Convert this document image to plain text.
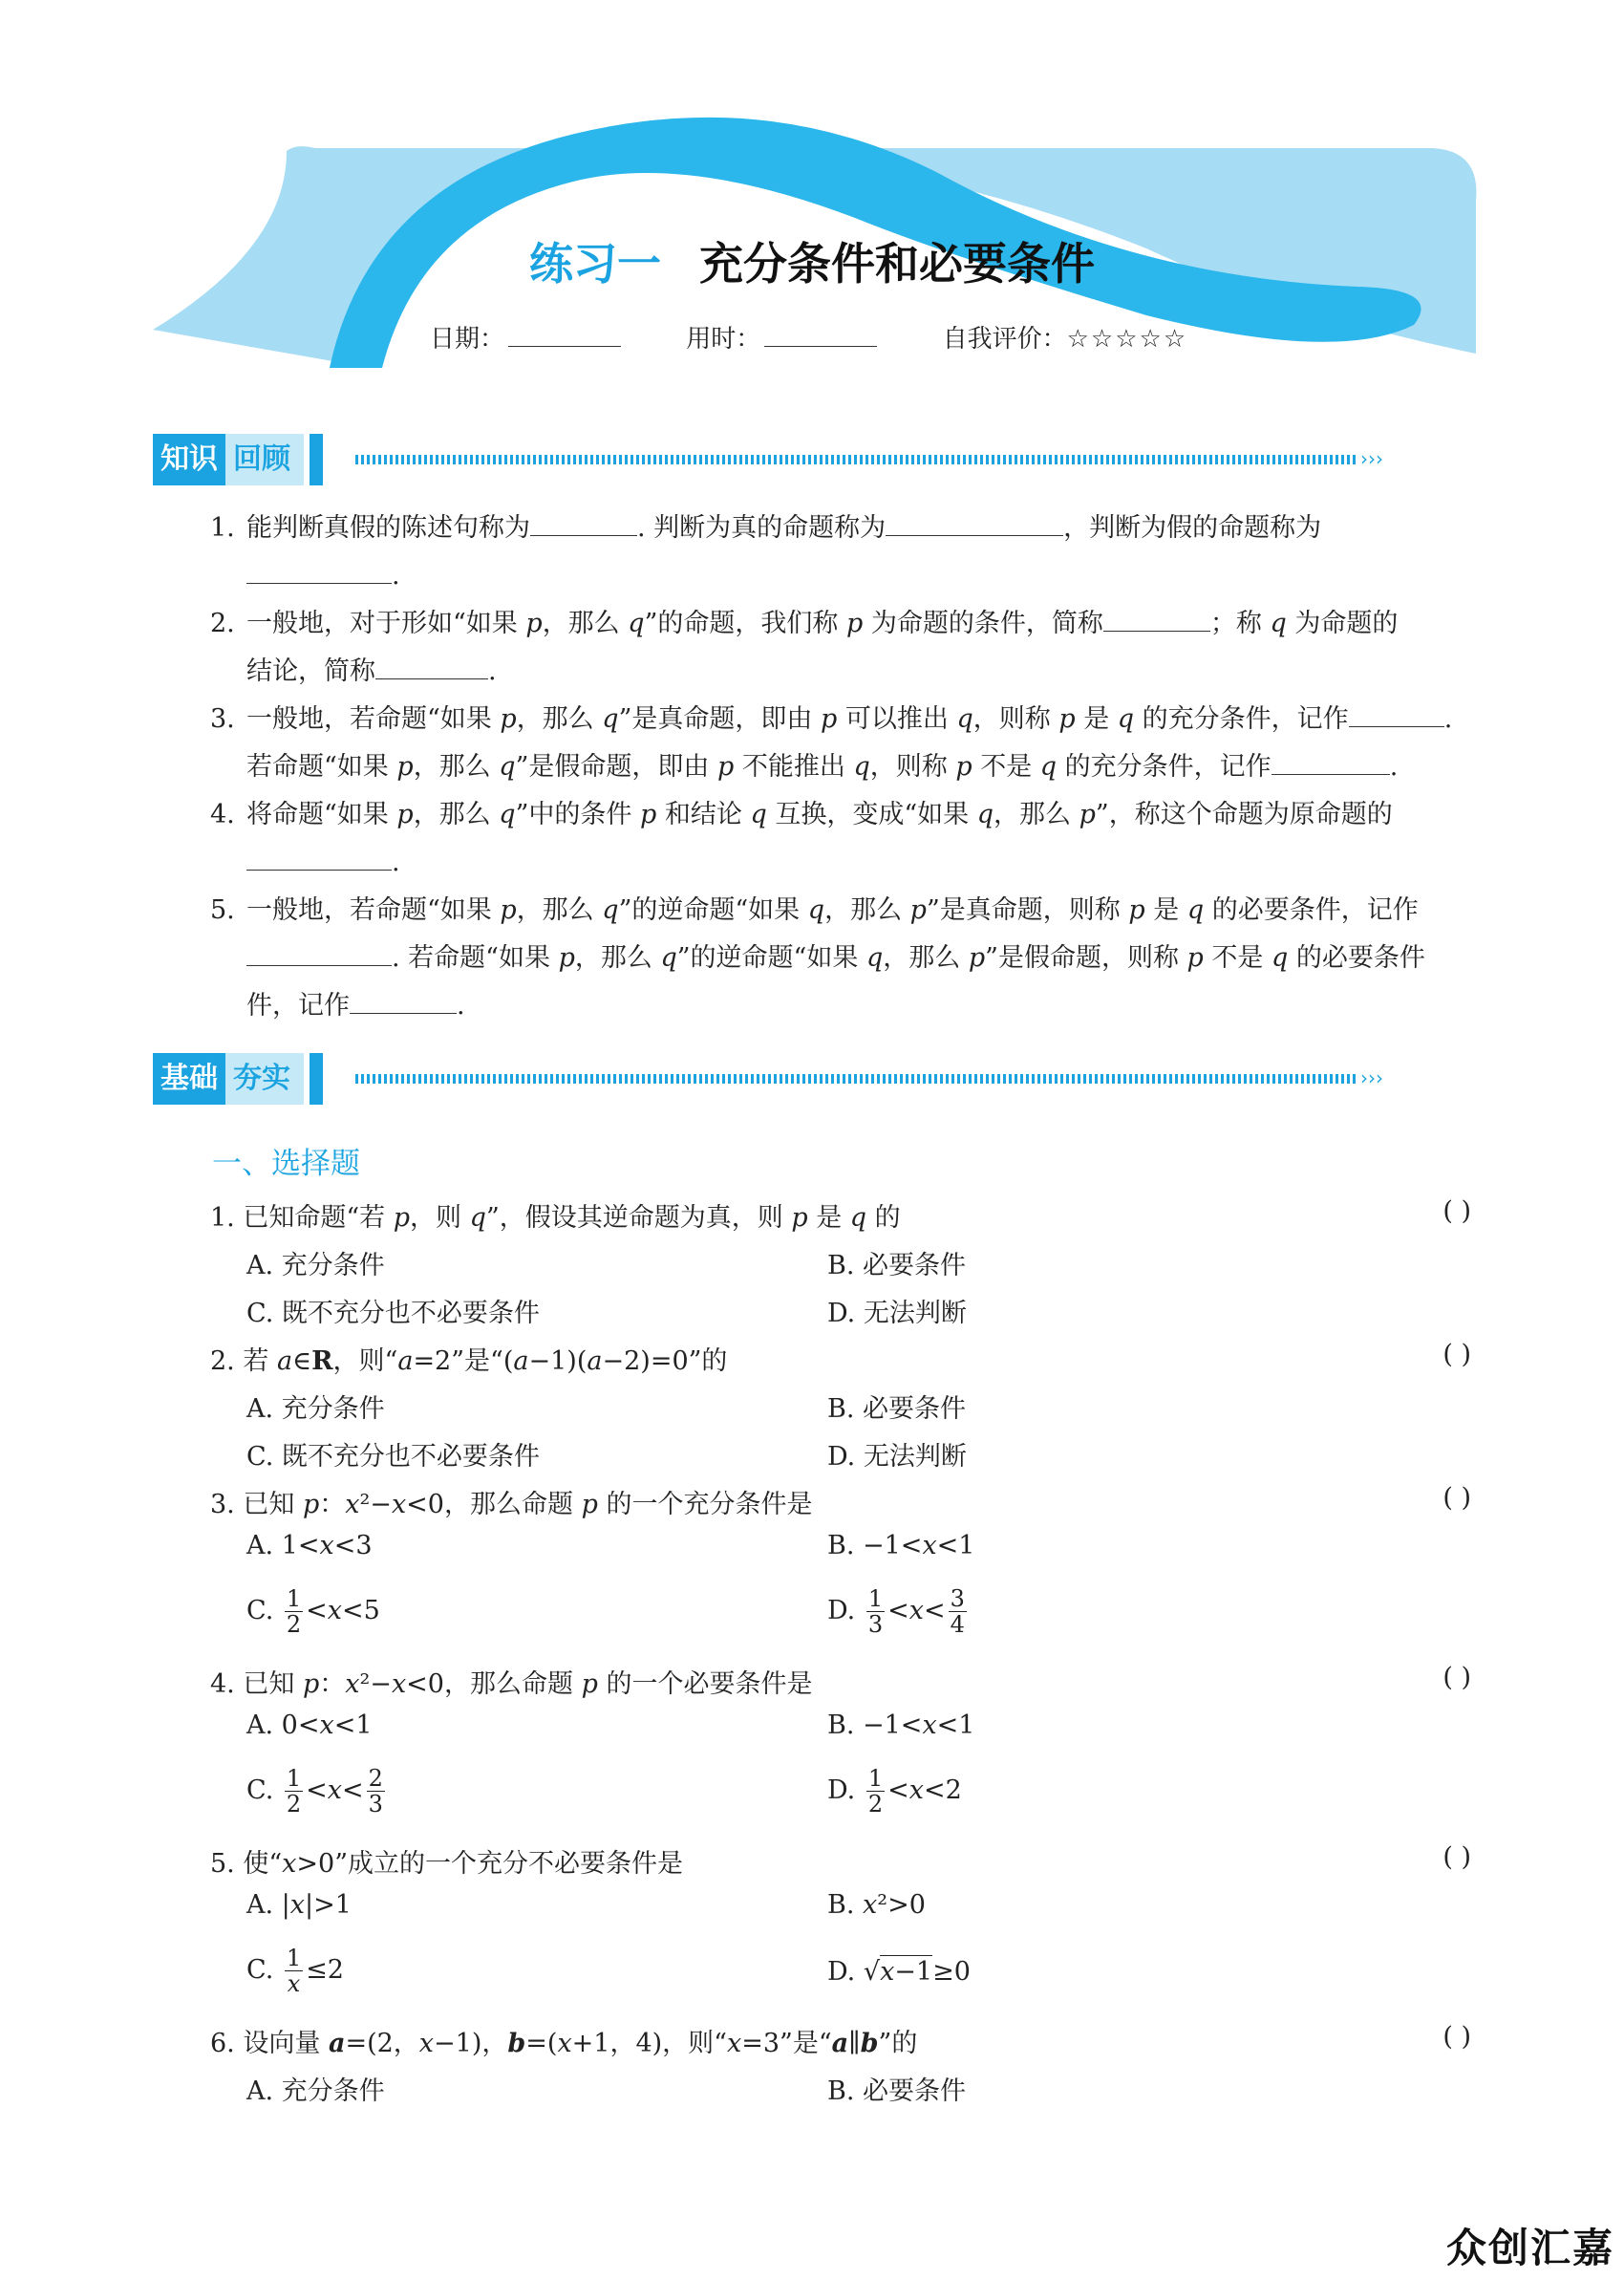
练习一 充分条件和必要条件
日期：	用时：	自我评价：☆☆☆☆☆
知识 回顾	›››
1. 能判断真假的陈述句称为	. 判断为真的命题称为	，判断为假的命题称为
.
2. 一般地，对于形如“如果 p，那么 q”的命题，我们称 p 为命题的条件，简称	；称 q 为命题的
结论，简称	.
3. 一般地，若命题“如果 p，那么 q”是真命题，即由 p 可以推出 q，则称 p 是 q 的充分条件，记作	.
若命题“如果 p，那么 q”是假命题，即由 p 不能推出 q，则称 p 不是 q 的充分条件，记作	.
4. 将命题“如果 p，那么 q”中的条件 p 和结论 q 互换，变成“如果 q，那么 p”，称这个命题为原命题的
.
5. 一般地，若命题“如果 p，那么 q”的逆命题“如果 q，那么 p”是真命题，则称 p 是 q 的必要条件，记作
. 若命题“如果 p，那么 q”的逆命题“如果 q，那么 p”是假命题，则称 p 不是 q 的必要条件
件，记作	.
基础 夯实	›››
一、选择题
1. 已知命题“若 p，则 q”，假设其逆命题为真，则 p 是 q 的	( )
A. 充分条件	B. 必要条件
C. 既不充分也不必要条件	D. 无法判断
2. 若 a∈R，则“a=2”是“(a−1)(a−2)=0”的	( )
A. 充分条件	B. 必要条件
C. 既不充分也不必要条件	D. 无法判断
3. 已知 p：x²−x<0，那么命题 p 的一个充分条件是	( )
A. 1<x<3	B. −1<x<1
C. $\frac{1}{2} <x<5$	D. $\frac{1}{3} <x< \frac{3}{4}$
4. 已知 p：x²−x<0，那么命题 p 的一个必要条件是	( )
A. 0<x<1	B. −1<x<1
C. $\frac{1}{2} <x< \frac{2}{3}$	D. $\frac{1}{2} <x<2$
5. 使“x>0”成立的一个充分不必要条件是	( )
A. |x|>1	B. x²>0
C. $\frac{1}{x} \le 2$	D. √x−1≥0
6. 设向量 a=(2，x−1)，b=(x+1，4)，则“x=3”是“a∥b”的	( )
A. 充分条件	B. 必要条件
众创汇嘉
